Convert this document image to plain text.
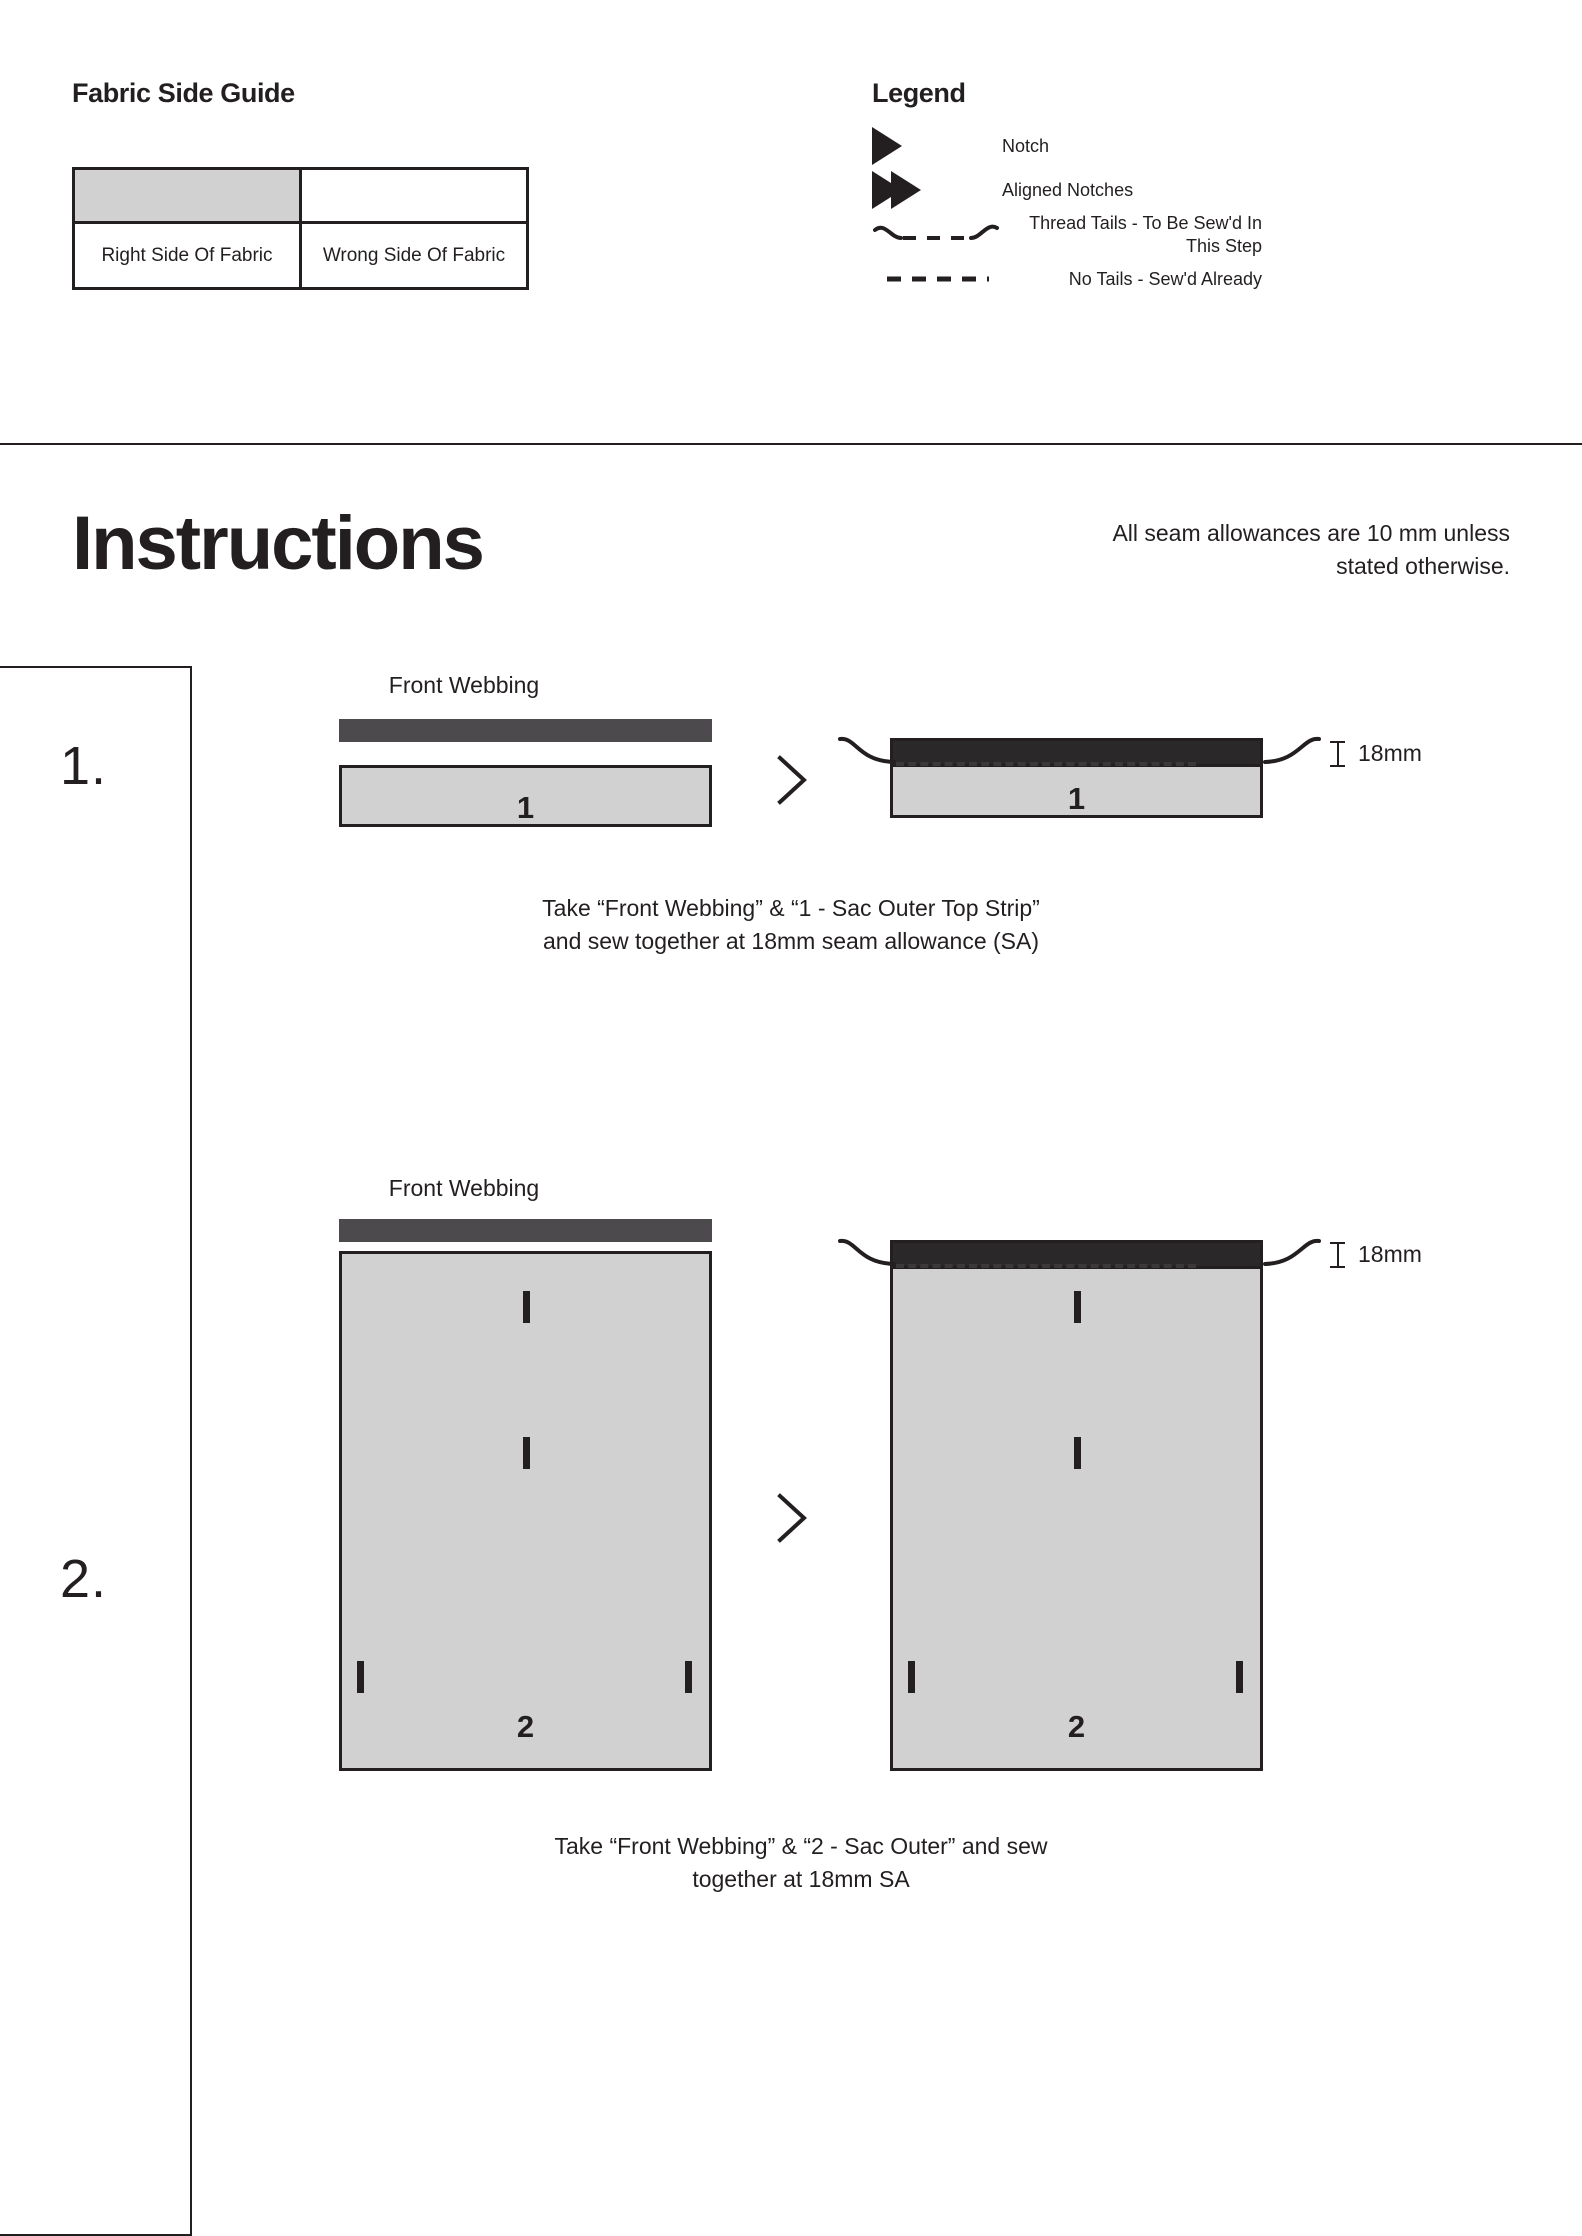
Fabric Side Guide

Right Side Of Fabric	Wrong Side Of Fabric
Legend
Notch
Aligned Notches
Thread Tails - To Be Sew'd In This Step
No Tails - Sew'd Already
Instructions	All seam allowances are 10 mm unless stated otherwise.
1.
2.
Front Webbing
1	1
18mm
Take “Front Webbing” & “1 - Sac Outer Top Strip” and sew together at 18mm seam allowance (SA)
Front Webbing
2	2
18mm
Take “Front Webbing” & “2 - Sac Outer” and sew together at 18mm SA
